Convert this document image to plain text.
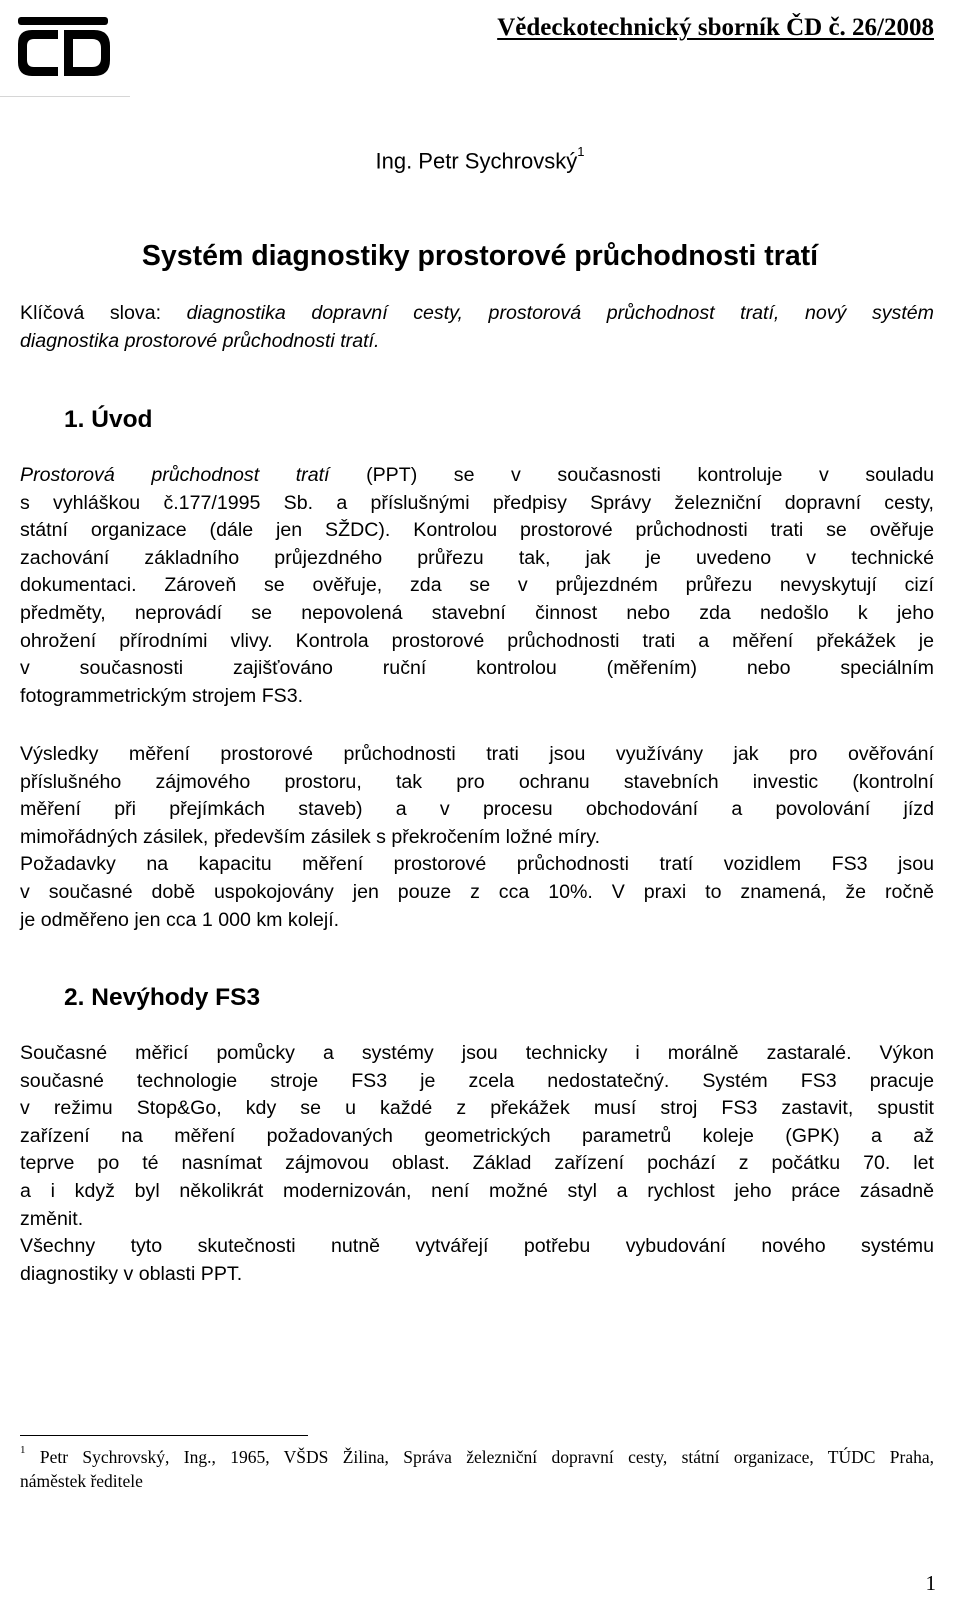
Vědeckotechnický sborník ČD č. 26/2008
Ing. Petr Sychrovský$^1$
Systém diagnostiky prostorové průchodnosti tratí
Klíčová slova: diagnostika dopravní cesty, prostorová průchodnost tratí, nový systém
diagnostika prostorové průchodnosti tratí.
1. Úvod
Prostorová průchodnost tratí (PPT) se v současnosti kontroluje v souladu
s vyhláškou č.177/1995 Sb. a příslušnými předpisy Správy železniční dopravní cesty,
státní organizace (dále jen SŽDC). Kontrolou prostorové průchodnosti trati se ověřuje
zachování základního průjezdného průřezu tak, jak je uvedeno v technické
dokumentaci. Zároveň se ověřuje, zda se v průjezdném průřezu nevyskytují cizí
předměty, neprovádí se nepovolená stavební činnost nebo zda nedošlo k jeho
ohrožení přírodními vlivy. Kontrola prostorové průchodnosti trati a měření překážek je
v současnosti zajišťováno ruční kontrolou (měřením) nebo speciálním
fotogrammetrickým strojem FS3.
Výsledky měření prostorové průchodnosti trati jsou využívány jak pro ověřování
příslušného zájmového prostoru, tak pro ochranu stavebních investic (kontrolní
měření při přejímkách staveb) a v procesu obchodování a povolování jízd
mimořádných zásilek, především zásilek s překročením ložné míry.
Požadavky na kapacitu měření prostorové průchodnosti tratí vozidlem FS3 jsou
v současné době uspokojovány jen pouze z cca 10%. V praxi to znamená, že ročně
je odměřeno jen cca 1 000 km kolejí.
2. Nevýhody FS3
Současné měřicí pomůcky a systémy jsou technicky i morálně zastaralé. Výkon
současné technologie stroje FS3 je zcela nedostatečný. Systém FS3 pracuje
v režimu Stop&Go, kdy se u každé z překážek musí stroj FS3 zastavit, spustit
zařízení na měření požadovaných geometrických parametrů koleje (GPK) a až
teprve po té nasnímat zájmovou oblast. Základ zařízení pochází z počátku 70. let
a i když byl několikrát modernizován, není možné styl a rychlost jeho práce zásadně
změnit.
Všechny tyto skutečnosti nutně vytvářejí potřebu vybudování nového systému
diagnostiky v oblasti PPT.
$^1$ Petr Sychrovský, Ing., 1965, VŠDS Žilina, Správa železniční dopravní cesty, státní organizace, TÚDC Praha,
náměstek ředitele
1
